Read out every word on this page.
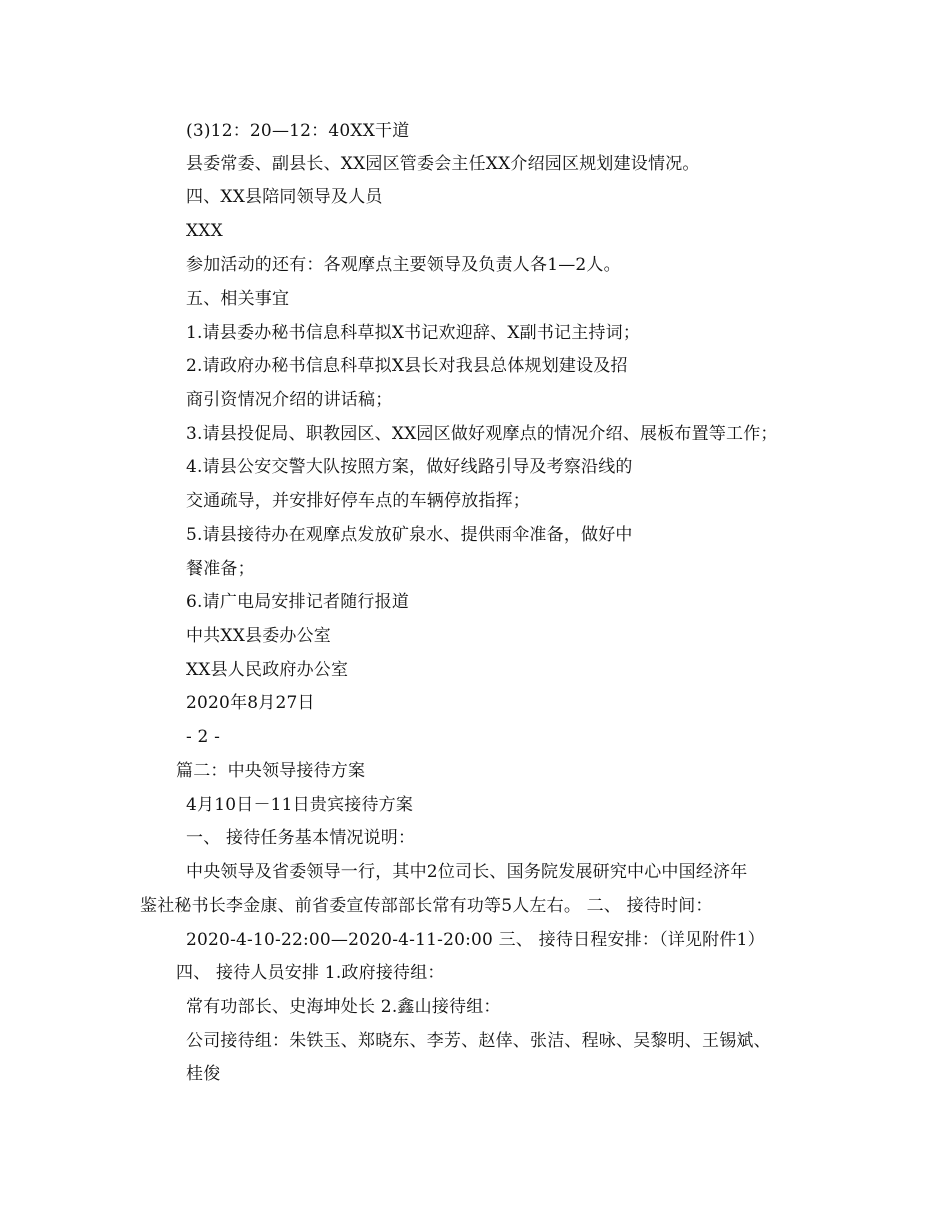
(3)12：20—12：40XX干道
县委常委、副县长、XX园区管委会主任XX介绍园区规划建设情况。
四、XX县陪同领导及人员
XXX
参加活动的还有：各观摩点主要领导及负责人各1—2人。
五、相关事宜
1.请县委办秘书信息科草拟X书记欢迎辞、X副书记主持词；
2.请政府办秘书信息科草拟X县长对我县总体规划建设及招
商引资情况介绍的讲话稿；
3.请县投促局、职教园区、XX园区做好观摩点的情况介绍、展板布置等工作；
4.请县公安交警大队按照方案，做好线路引导及考察沿线的
交通疏导，并安排好停车点的车辆停放指挥；
5.请县接待办在观摩点发放矿泉水、提供雨伞准备，做好中
餐准备；
6.请广电局安排记者随行报道
中共XX县委办公室
XX县人民政府办公室
2020年8月27日
- 2 -
篇二：中央领导接待方案
4月10日－11日贵宾接待方案
一、 接待任务基本情况说明：
中央领导及省委领导一行，其中2位司长、国务院发展研究中心中国经济年
鉴社秘书长李金康、前省委宣传部部长常有功等5人左右。 二、 接待时间：
2020-4-10-22:00—2020-4-11-20:00 三、 接待日程安排：（详见附件1）
四、 接待人员安排 1.政府接待组：
常有功部长、史海坤处长 2.鑫山接待组：
公司接待组：朱铁玉、郑晓东、李芳、赵倖、张洁、程咏、吴黎明、王锡斌、
桂俊
